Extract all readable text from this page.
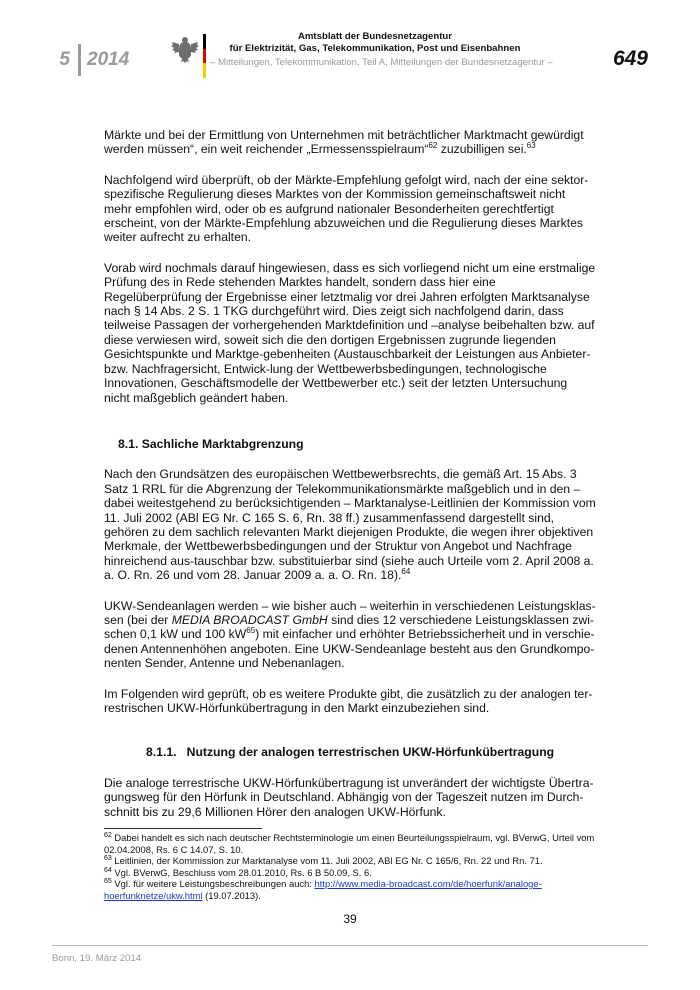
5 2014
Amtsblatt der Bundesnetzagentur
für Elektrizität, Gas, Telekommunikation, Post und Eisenbahnen
– Mitteilungen, Telekommunikation, Teil A, Mitteilungen der Bundesnetzagentur –	649

Märkte und bei der Ermittlung von Unternehmen mit beträchtlicher Marktmacht gewürdigt werden müssen“, ein weit reichender „Ermessensspielraum“$^{62}$ zuzubilligen sei.$^{63}$

Nachfolgend wird überprüft, ob der Märkte-Empfehlung gefolgt wird, nach der eine sektor-spezifische Regulierung dieses Marktes von der Kommission gemeinschaftsweit nicht mehr empfohlen wird, oder ob es aufgrund nationaler Besonderheiten gerechtfertigt erscheint, von der Märkte-Empfehlung abzuweichen und die Regulierung dieses Marktes weiter aufrecht zu erhalten.

Vorab wird nochmals darauf hingewiesen, dass es sich vorliegend nicht um eine erstmalige Prüfung des in Rede stehenden Marktes handelt, sondern dass hier eine Regelüberprüfung der Ergebnisse einer letztmalig vor drei Jahren erfolgten Marktsanalyse nach § 14 Abs. 2 S. 1 TKG durchgeführt wird. Dies zeigt sich nachfolgend darin, dass teilweise Passagen der vorhergehenden Marktdefinition und –analyse beibehalten bzw. auf diese verwiesen wird, soweit sich die den dortigen Ergebnissen zugrunde liegenden Gesichtspunkte und Marktge-gebenheiten (Austauschbarkeit der Leistungen aus Anbieter- bzw. Nachfragersicht, Entwick-lung der Wettbewerbsbedingungen, technologische Innovationen, Geschäftsmodelle der Wettbewerber etc.) seit der letzten Untersuchung nicht maßgeblich geändert haben.

8.1. Sachliche Marktabgrenzung

Nach den Grundsätzen des europäischen Wettbewerbsrechts, die gemäß Art. 15 Abs. 3 Satz 1 RRL für die Abgrenzung der Telekommunikationsmärkte maßgeblich und in den – dabei weitestgehend zu berücksichtigenden – Marktanalyse-Leitlinien der Kommission vom 11. Juli 2002 (ABl EG Nr. C 165 S. 6, Rn. 38 ff.) zusammenfassend dargestellt sind, gehören zu dem sachlich relevanten Markt diejenigen Produkte, die wegen ihrer objektiven Merkmale, der Wettbewerbsbedingungen und der Struktur von Angebot und Nachfrage hinreichend aus-tauschbar bzw. substituierbar sind (siehe auch Urteile vom 2. April 2008 a. a. O. Rn. 26 und vom 28. Januar 2009 a. a. O. Rn. 18).$^{64}$

UKW-Sendeanlagen werden – wie bisher auch – weiterhin in verschiedenen Leistungsklas-sen (bei der MEDIA BROADCAST GmbH sind dies 12 verschiedene Leistungsklassen zwi-schen 0,1 kW und 100 $kW^{65}$) mit einfacher und erhöhter Betriebssicherheit und in verschie-denen Antennenhöhen angeboten. Eine UKW-Sendeanlage besteht aus den Grundkompo-nenten Sender, Antenne und Nebenanlagen.

Im Folgenden wird geprüft, ob es weitere Produkte gibt, die zusätzlich zu der analogen ter-restrischen UKW-Hörfunkübertragung in den Markt einzubeziehen sind.

8.1.1.   Nutzung der analogen terrestrischen UKW-Hörfunkübertragung

Die analoge terrestrische UKW-Hörfunkübertragung ist unverändert der wichtigste Übertra-gungsweg für den Hörfunk in Deutschland. Abhängig von der Tageszeit nutzen im Durch-schnitt bis zu 29,6 Millionen Hörer den analogen UKW-Hörfunk.

$^{62}$ Dabei handelt es sich nach deutscher Rechtsterminologie um einen Beurteilungsspielraum, vgl. BVerwG, Urteil vom 02.04.2008, Rs. 6 C 14.07, S. 10.
$^{63}$ Leitlinien, der Kommission zur Marktanalyse vom 11. Juli 2002, ABl EG Nr. C 165/6, Rn. 22 und Rn. 71.
$^{64}$ Vgl. BVerwG, Beschluss vom 28.01.2010, Rs. 6 B 50.09, S. 6.
$^{65}$ Vgl. für weitere Leistungsbeschreibungen auch: http://www.media-broadcast.com/de/hoerfunk/analoge-hoerfunknetze/ukw.html (19.07.2013).
39
Bonn, 19. März 2014
